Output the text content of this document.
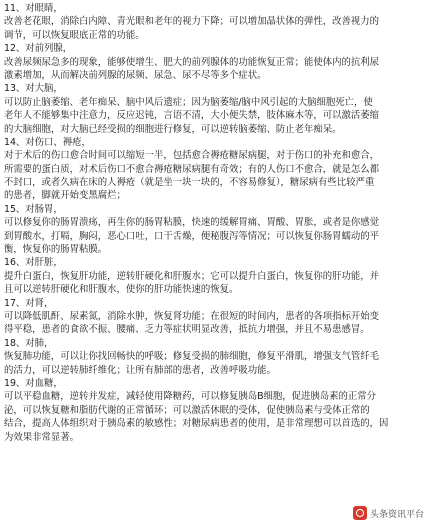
11、对眼睛，
改善老花眼，消除白内障、青光眼和老年的视力下降；可以增加晶状体的弹性，改善视力的
调节，可以恢复眼底正常的功能。
12、对前列腺，
改善尿频尿急多的现象，能够使增生、肥大的前列腺体的功能恢复正常；能使体内的抗利尿
激素增加，从而解决前列腺的尿频、尿急、尿不尽等多个症状。
13、对大脑，
可以防止脑萎缩、老年痴呆、脑中风后遗症；因为脑萎缩/脑中风引起的大脑细胞死亡，使
老年人不能够集中注意力，反应迟钝，言语不清，大小便失禁，肢体麻木等，可以激活萎缩
的大脑细胞，对大脑已经受损的细胞进行修复，可以逆转脑萎缩、防止老年痴呆。
14、对伤口、褥疮，
对于术后的伤口愈合时间可以缩短一半，包括愈合褥疮糖尿病腿，对于伤口的补充和愈合，
所需要的蛋白质，对术后伤口不愈合褥疮糖尿病腿有奇效；有的人伤口不愈合，就是怎么都
不封口，或者久病在床的人褥疮（就是坐一块一块的，不容易修复），糖尿病有些比较严重
的患者，脚就开始变黑腐烂；
15、对肠胃，
可以修复你的肠胃溃疡，再生你的肠胃粘膜，快速的缓解胃痛、胃酸、胃胀，或者是你感觉
到胃酸水，打嗝，胸闷，恶心口吐，口干舌燥，便秘腹泻等情况；可以恢复你肠胃蠕动的平
衡，恢复你的肠胃粘膜。
16、对肝脏，
提升白蛋白，恢复肝功能，逆转肝硬化和肝腹水；它可以提升白蛋白，恢复你的肝功能，并
且可以逆转肝硬化和肝腹水，使你的肝功能快速的恢复。
17、对肾，
可以降低肌酐、尿素氮，消除水肿，恢复肾功能；在很短的时间内，患者的各项指标开始变
得平稳，患者的食欲不振、腰痛、乏力等症状明显改善，抵抗力增强，并且不易患感冒。
18、对肺，
恢复肺功能，可以让你找回畅快的呼吸；修复受损的肺细胞，修复平滑肌，增强支气管纤毛
的活力，可以逆转肺纤维化；让所有肺部的患者，改善呼吸功能。
19、对血糖，
可以平稳血糖，逆转并发症，减轻使用降糖药，可以修复胰岛B细胞，促进胰岛素的正常分
泌，可以恢复糖和脂肪代谢的正常循环；可以激活休眠的受体，促使胰岛素与受体正常的
结合，提高人体组织对于胰岛素的敏感性；对糖尿病患者的使用，是非常理想可以首选的，因
为效果非常显著。
头条资讯平台
